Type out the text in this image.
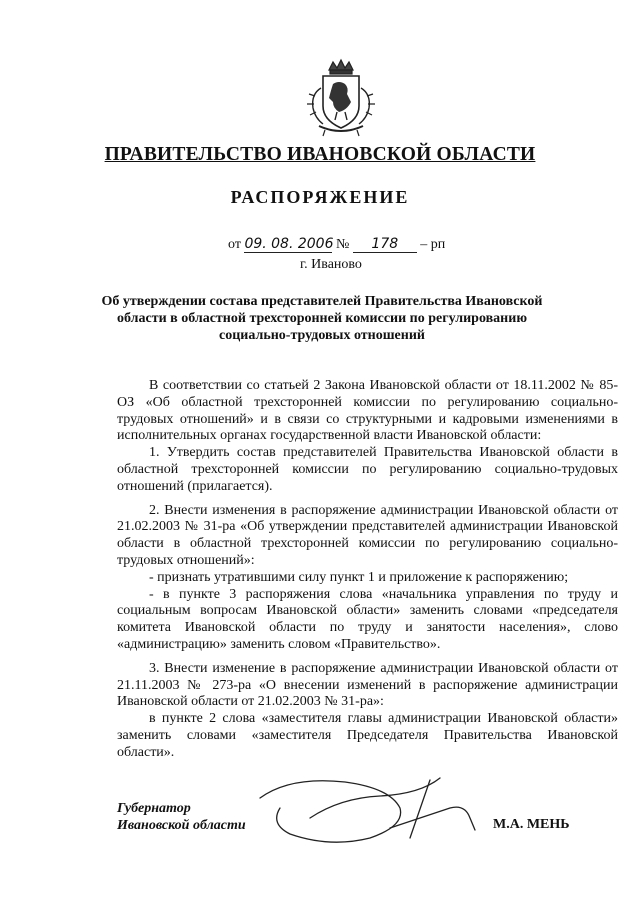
ПРАВИТЕЛЬСТВО ИВАНОВСКОЙ ОБЛАСТИ
РАСПОРЯЖЕНИЕ
от 09. 08. 2006 № 178 – рп
г. Иваново
Об утверждении состава представителей Правительства Ивановской области в областной трехсторонней комиссии по регулированию социально-трудовых отношений

В соответствии со статьей 2 Закона Ивановской области от 18.11.2002 № 85-ОЗ «Об областной трехсторонней комиссии по регулированию социально-трудовых отношений» и в связи со структурными и кадровыми изменениями в исполнительных органах государственной власти Ивановской области:

1. Утвердить состав представителей Правительства Ивановской области в областной трехсторонней комиссии по регулированию социально-трудовых отношений (прилагается).

2. Внести изменения в распоряжение администрации Ивановской области от 21.02.2003 № 31-ра «Об утверждении представителей администрации Ивановской области в областной трехсторонней комиссии по регулированию социально-трудовых отношений»:

- признать утратившими силу пункт 1 и приложение к распоряжению;

- в пункте 3 распоряжения слова «начальника управления по труду и социальным вопросам Ивановской области» заменить словами «председателя комитета Ивановской области по труду и занятости населения», слово «администрацию» заменить словом «Правительство».

3. Внести изменение в распоряжение администрации Ивановской области от 21.11.2003 № 273-ра «О внесении изменений в распоряжение администрации Ивановской области от 21.02.2003 № 31-ра»:

в пункте 2 слова «заместителя главы администрации Ивановской области» заменить словами «заместителя Председателя Правительства Ивановской области».

Губернатор
Ивановской области	М.А. МЕНЬ
